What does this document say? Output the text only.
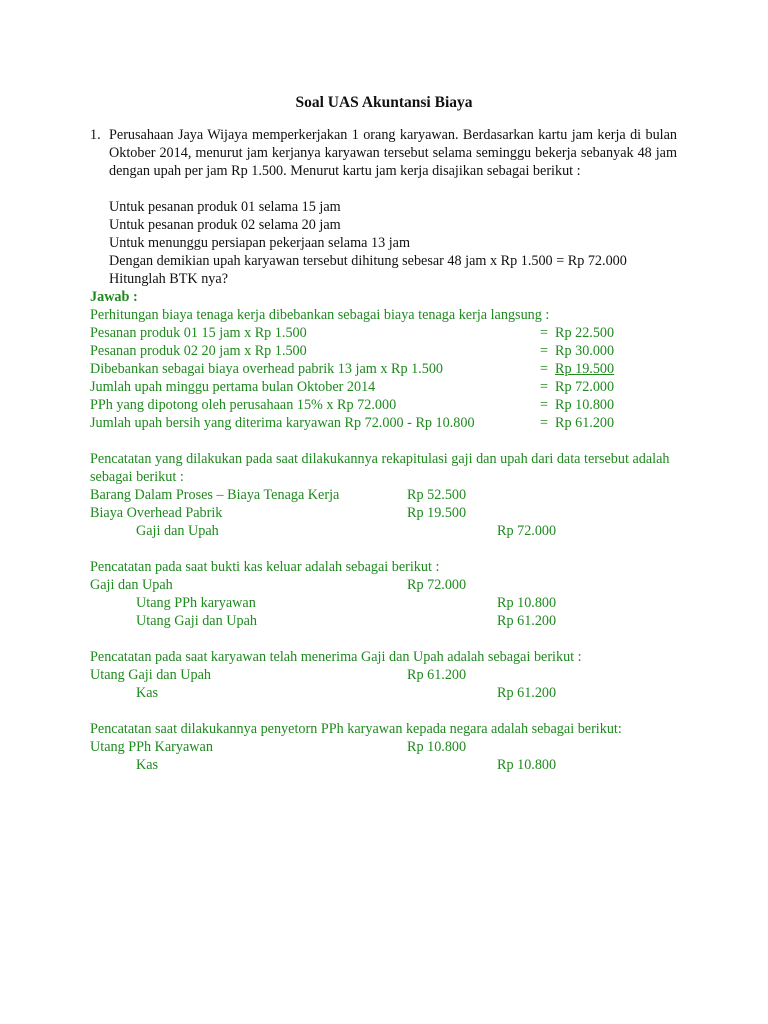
Soal UAS Akuntansi Biaya
1. Perusahaan Jaya Wijaya memperkerjakan 1 orang karyawan. Berdasarkan kartu jam kerja di bulan Oktober 2014, menurut jam kerjanya karyawan tersebut selama seminggu bekerja sebanyak 48 jam dengan upah per jam Rp 1.500. Menurut kartu jam kerja disajikan sebagai berikut :
Untuk pesanan produk 01 selama 15 jam
Untuk pesanan produk 02 selama 20 jam
Untuk menunggu persiapan pekerjaan selama 13 jam
Dengan demikian upah karyawan tersebut dihitung sebesar 48 jam x Rp 1.500 = Rp 72.000
Hitunglah BTK nya?
Jawab :
Perhitungan biaya tenaga kerja dibebankan sebagai biaya tenaga kerja langsung :
Pesanan produk 01 15 jam x Rp 1.500	= Rp 22.500
Pesanan produk 02 20 jam x Rp 1.500	= Rp 30.000
Dibebankan sebagai biaya overhead pabrik 13 jam x Rp 1.500	= Rp 19.500
Jumlah upah minggu pertama bulan Oktober 2014	= Rp 72.000
PPh yang dipotong oleh perusahaan 15% x Rp 72.000	= Rp 10.800
Jumlah upah bersih yang diterima karyawan Rp 72.000 - Rp 10.800	= Rp 61.200
Pencatatan yang dilakukan pada saat dilakukannya rekapitulasi gaji dan upah dari data tersebut adalah sebagai berikut :
Barang Dalam Proses – Biaya Tenaga Kerja	Rp 52.500
Biaya Overhead Pabrik	Rp 19.500
Gaji dan Upah	Rp 72.000
Pencatatan pada saat bukti kas keluar adalah sebagai berikut :
Gaji dan Upah	Rp 72.000
Utang PPh karyawan	Rp 10.800
Utang Gaji dan Upah	Rp 61.200
Pencatatan pada saat karyawan telah menerima Gaji dan Upah adalah sebagai berikut :
Utang Gaji dan Upah	Rp 61.200
Kas	Rp 61.200
Pencatatan saat dilakukannya penyetorn PPh karyawan kepada negara adalah sebagai berikut:
Utang PPh Karyawan	Rp 10.800
Kas	Rp 10.800
